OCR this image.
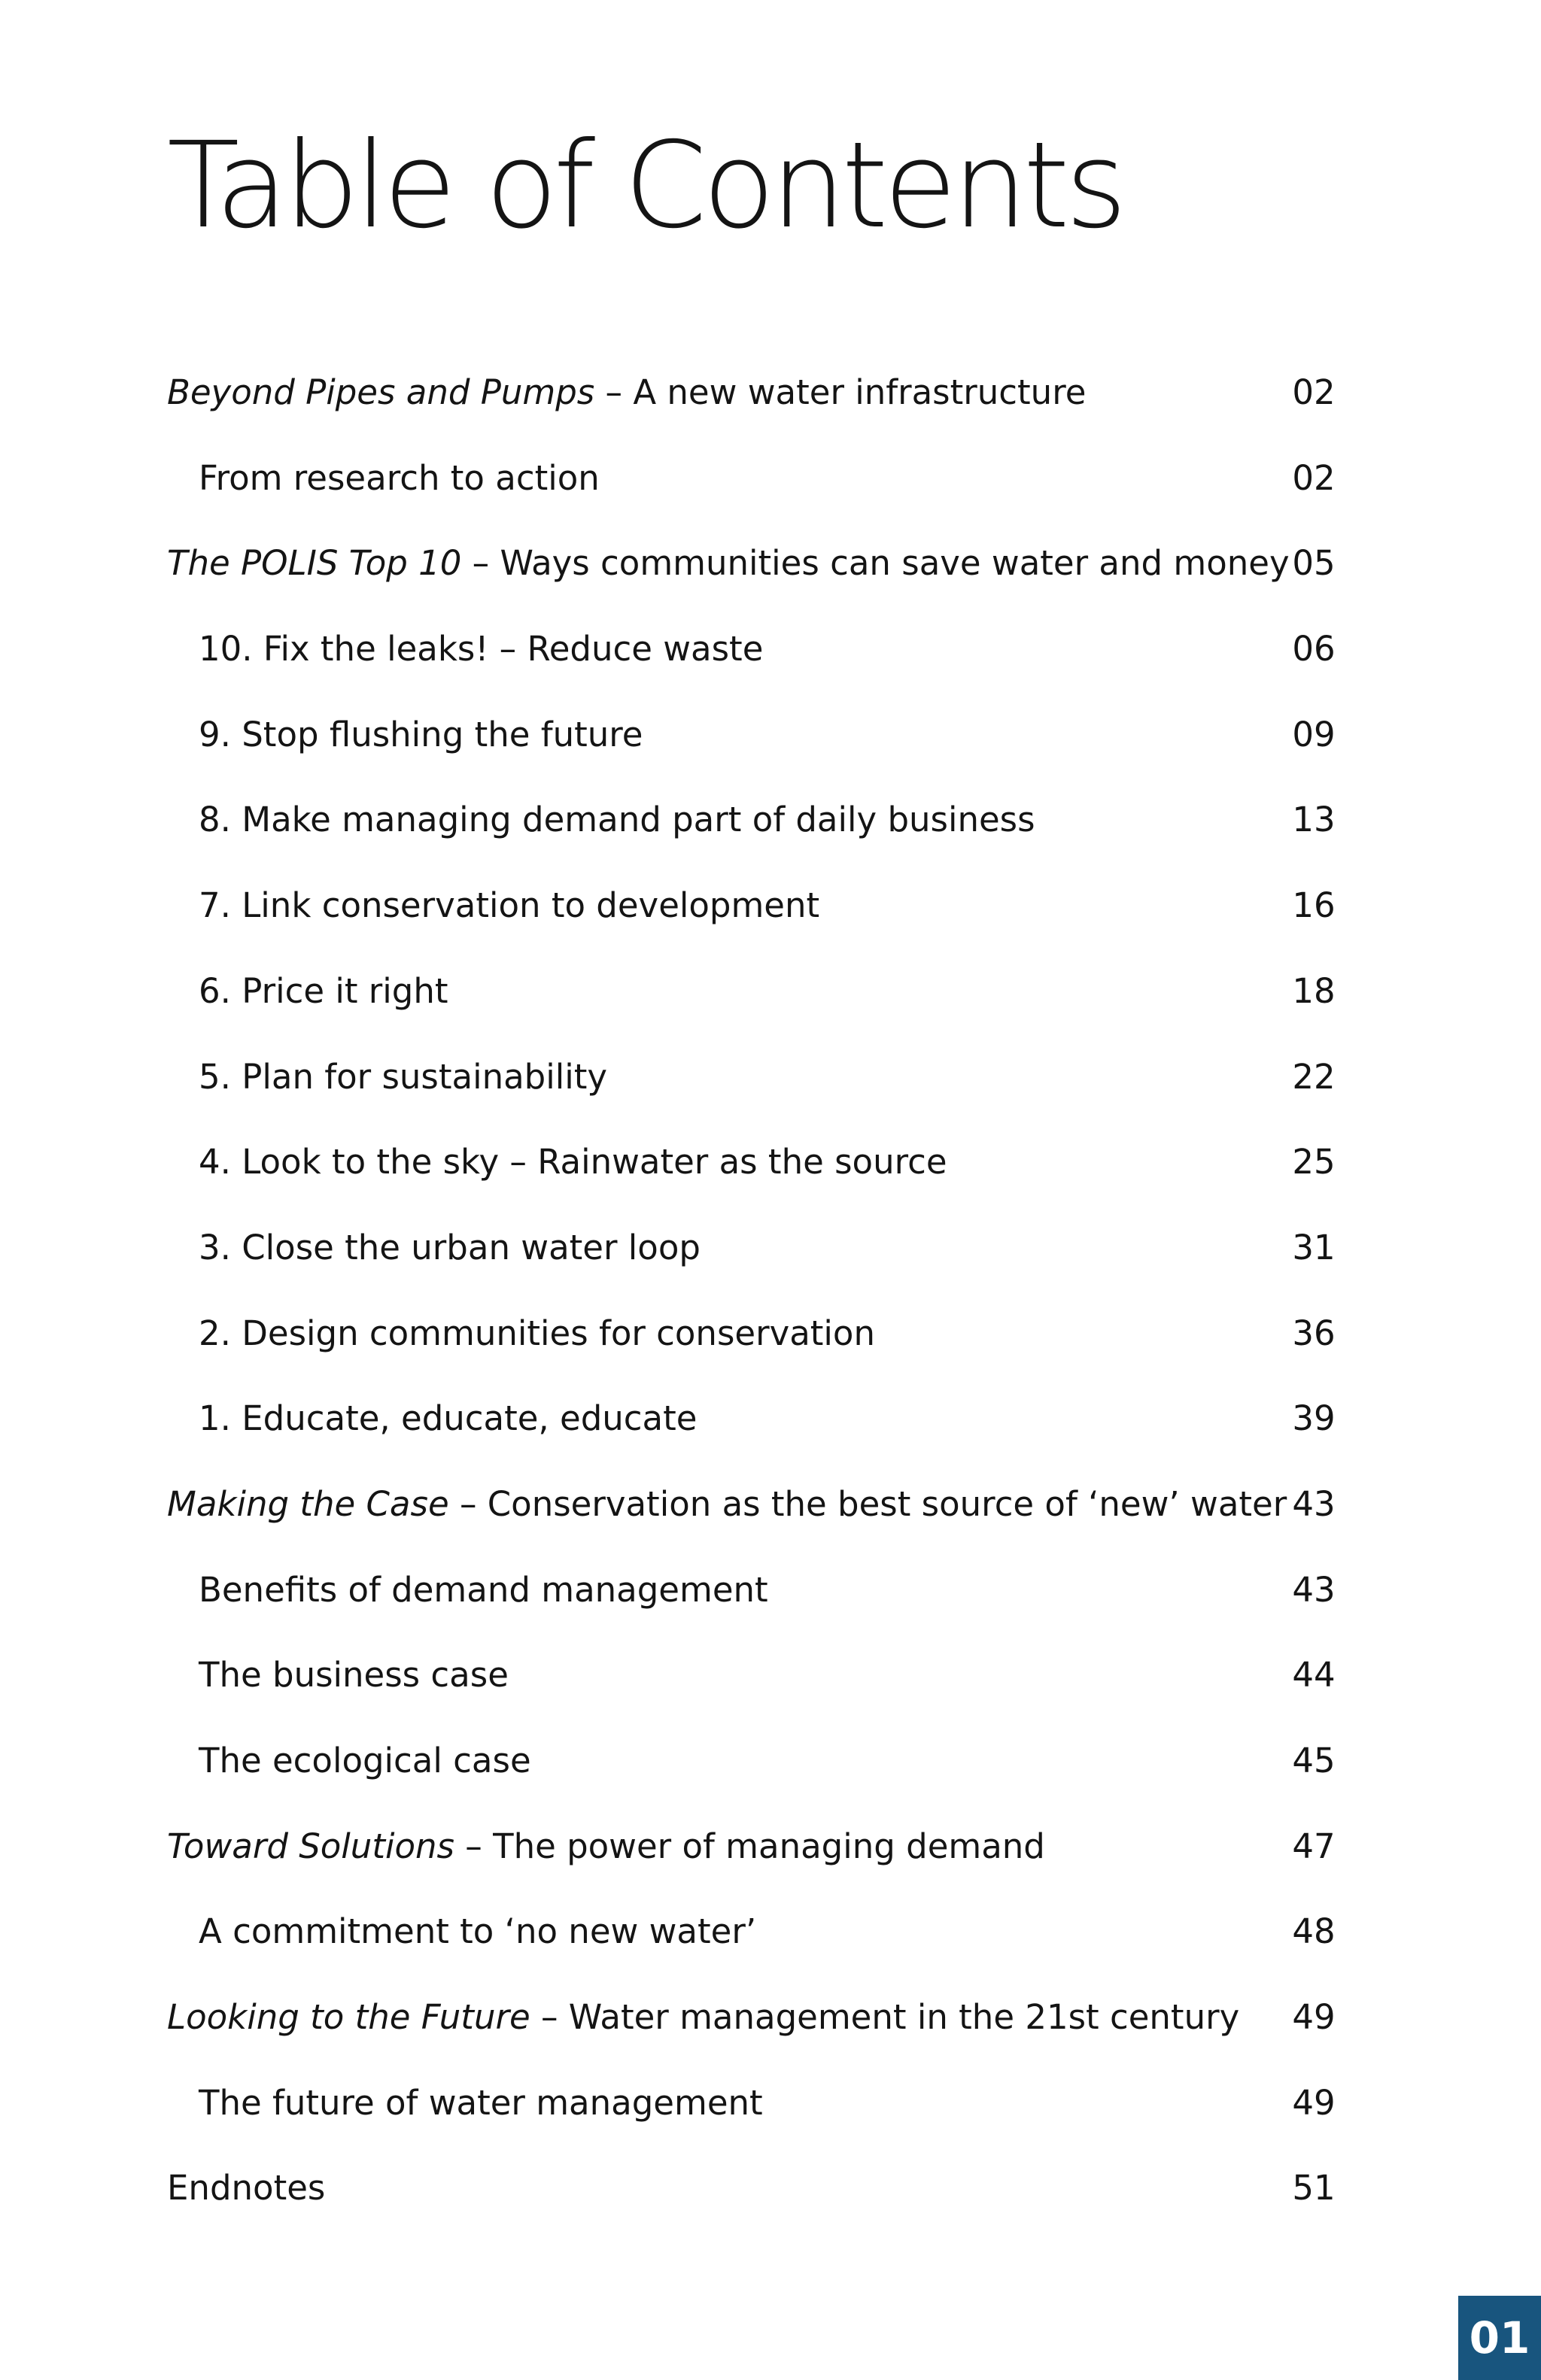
Table of Contents
Beyond Pipes and Pumps – A new water infrastructure	02
From research to action	02
The POLIS Top 10 – Ways communities can save water and money 05
10. Fix the leaks! – Reduce waste	06
9. Stop flushing the future	09
8. Make managing demand part of daily business	13
7. Link conservation to development	16
6. Price it right	18
5. Plan for sustainability	22
4. Look to the sky – Rainwater as the source	25
3. Close the urban water loop	31
2. Design communities for conservation	36
1. Educate, educate, educate	39
Making the Case – Conservation as the best source of ‘new’ water 43
Benefits of demand management	43
The business case	44
The ecological case	45
Toward Solutions – The power of managing demand	47
A commitment to ‘no new water’	48
Looking to the Future – Water management in the 21st century 49
The future of water management	49
Endnotes	51
01
